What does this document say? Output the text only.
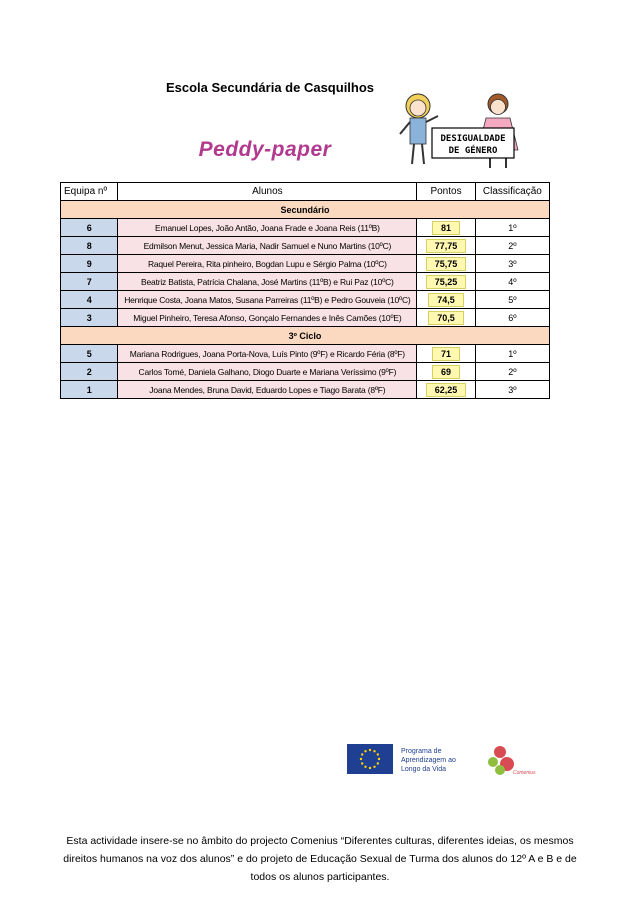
Escola Secundária de Casquilhos
DESIGUALDADE
DE GÉNERO
Peddy-paper
Equipa nº	Alunos	Pontos	Classificação
Secundário			
6	Emanuel Lopes, João Antão, Joana Frade e Joana Reis (11ºB)	81	1º
8	Edmilson Menut, Jessica Maria, Nadir Samuel e Nuno Martins (10ºC)	77,75	2º
9	Raquel Pereira, Rita pinheiro, Bogdan Lupu e Sérgio Palma (10ºC)	75,75	3º
7	Beatriz Batista, Patrícia Chalana, José Martins (11ºB) e Rui Paz (10ºC)	75,25	4º
4	Henrique Costa, Joana Matos, Susana Parreiras (11ºB) e Pedro Gouveia (10ºC)	74,5	5º
3	Miguel Pinheiro, Teresa Afonso, Gonçalo Fernandes e Inês Camões (10ºE)	70,5	6º
3º Ciclo			
5	Mariana Rodrigues, Joana Porta-Nova, Luís Pinto (9ºF) e Ricardo Féria (8ºF)	71	1º
2	Carlos Tomé, Daniela Galhano, Diogo Duarte e Mariana Veríssimo (9ºF)	69	2º
1	Joana Mendes, Bruna David, Eduardo Lopes e Tiago Barata (8ºF)	62,25	3º
Programa de
Aprendizagem ao
Longo da Vida	Comenius
Esta actividade insere-se no âmbito do projecto Comenius “Diferentes culturas, diferentes ideias, os mesmos direitos humanos na voz dos alunos” e do projeto de Educação Sexual de Turma dos alunos do 12º A e B e de todos os alunos participantes.
